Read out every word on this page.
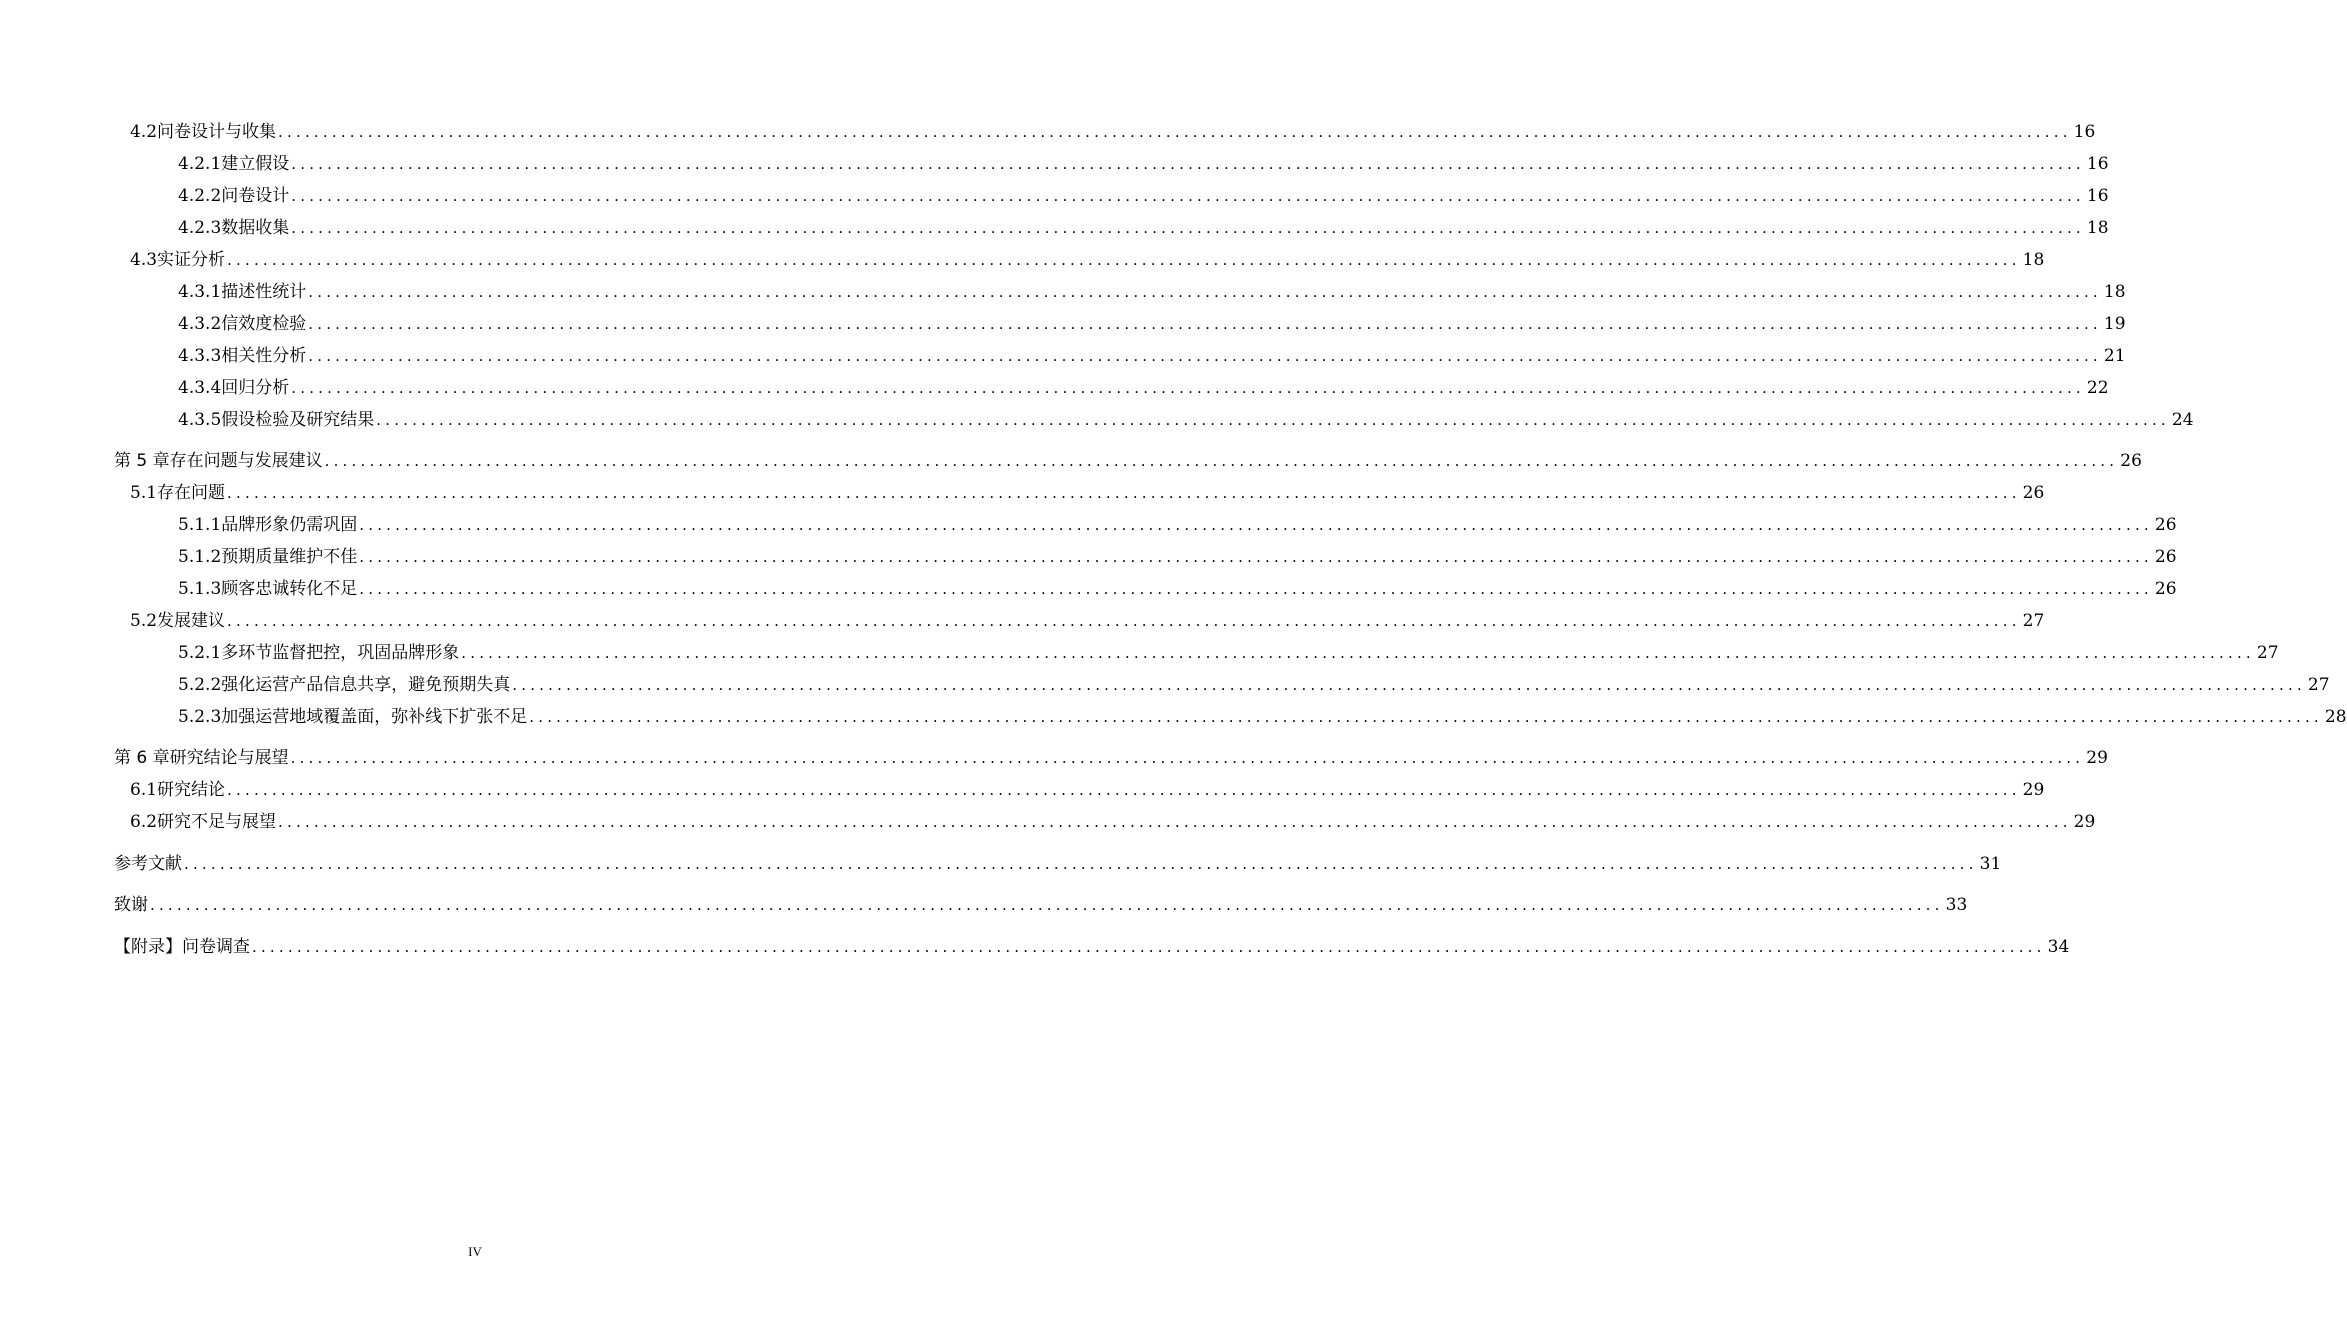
4.2 问卷设计与收集 ........................................................................................................................................................................................................ 16
4.2.1 建立假设 ........................................................................................................................................................................................................ 16
4.2.2 问卷设计 ........................................................................................................................................................................................................ 16
4.2.3 数据收集 ........................................................................................................................................................................................................ 18
4.3 实证分析 ........................................................................................................................................................................................................ 18
4.3.1 描述性统计 ........................................................................................................................................................................................................ 18
4.3.2 信效度检验 ........................................................................................................................................................................................................ 19
4.3.3 相关性分析 ........................................................................................................................................................................................................ 21
4.3.4 回归分析 ........................................................................................................................................................................................................ 22
4.3.5 假设检验及研究结果 ........................................................................................................................................................................................................ 24
第 5 章 存在问题与发展建议 ........................................................................................................................................................................................................ 26
5.1 存在问题 ........................................................................................................................................................................................................ 26
5.1.1 品牌形象仍需巩固 ........................................................................................................................................................................................................ 26
5.1.2 预期质量维护不佳 ........................................................................................................................................................................................................ 26
5.1.3 顾客忠诚转化不足 ........................................................................................................................................................................................................ 26
5.2 发展建议 ........................................................................................................................................................................................................ 27
5.2.1 多环节监督把控，巩固品牌形象 ........................................................................................................................................................................................................ 27
5.2.2 强化运营产品信息共享，避免预期失真 ........................................................................................................................................................................................................ 27
5.2.3 加强运营地域覆盖面，弥补线下扩张不足 ........................................................................................................................................................................................................ 28
第 6 章 研究结论与展望 ........................................................................................................................................................................................................ 29
6.1 研究结论 ........................................................................................................................................................................................................ 29
6.2 研究不足与展望 ........................................................................................................................................................................................................ 29
参考文献 ........................................................................................................................................................................................................ 31
致谢 ........................................................................................................................................................................................................ 33
【附录】问卷调查 ........................................................................................................................................................................................................ 34
IV
